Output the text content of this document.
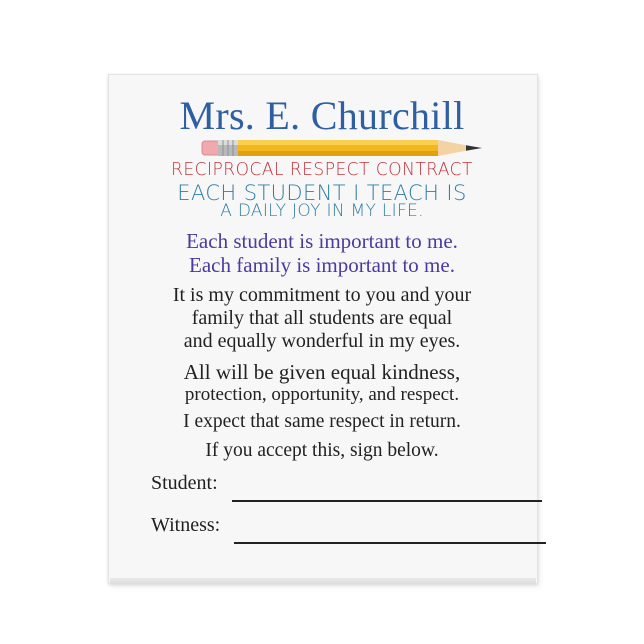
Mrs. E. Churchill
RECIPROCAL RESPECT CONTRACT
EACH STUDENT I TEACH IS
A DAILY JOY IN MY LIFE.
Each student is important to me.
Each family is important to me.
It is my commitment to you and your
family that all students are equal
and equally wonderful in my eyes.
All will be given equal kindness,
protection, opportunity, and respect.
I expect that same respect in return.
If you accept this, sign below.
Student:
Witness:
